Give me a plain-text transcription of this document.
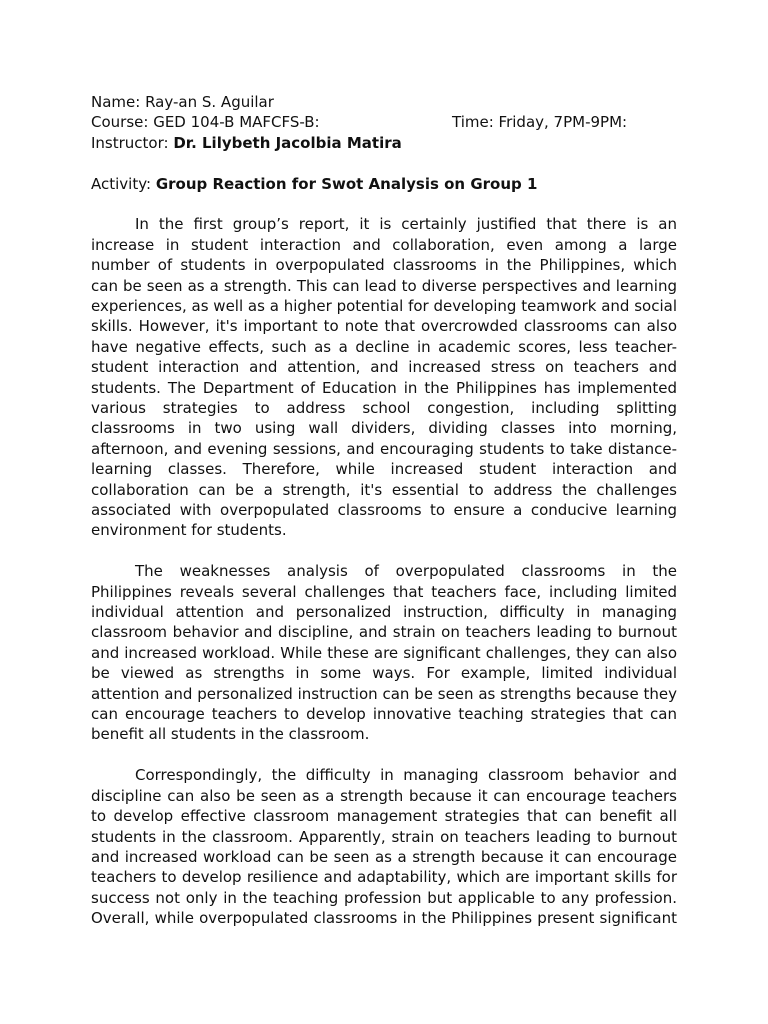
Name: Ray-an S. Aguilar
Course: GED 104-B MAFCFS-B:	Time: Friday, 7PM-9PM:
Instructor: Dr. Lilybeth Jacolbia Matira
Activity: Group Reaction for Swot Analysis on Group 1

In the first group’s report, it is certainly justified that there is an increase in student interaction and collaboration, even among a large number of students in overpopulated classrooms in the Philippines, which can be seen as a strength. This can lead to diverse perspectives and learning experiences, as well as a higher potential for developing teamwork and social skills. However, it's important to note that overcrowded classrooms can also have negative effects, such as a decline in academic scores, less teacher-student interaction and attention, and increased stress on teachers and students. The Department of Education in the Philippines has implemented various strategies to address school congestion, including splitting classrooms in two using wall dividers, dividing classes into morning, afternoon, and evening sessions, and encouraging students to take distance-learning classes. Therefore, while increased student interaction and collaboration can be a strength, it's essential to address the challenges associated with overpopulated classrooms to ensure a conducive learning environment for students.

The weaknesses analysis of overpopulated classrooms in the Philippines reveals several challenges that teachers face, including limited individual attention and personalized instruction, difficulty in managing classroom behavior and discipline, and strain on teachers leading to burnout and increased workload. While these are significant challenges, they can also be viewed as strengths in some ways. For example, limited individual attention and personalized instruction can be seen as strengths because they can encourage teachers to develop innovative teaching strategies that can benefit all students in the classroom.

Correspondingly, the difficulty in managing classroom behavior and discipline can also be seen as a strength because it can encourage teachers to develop effective classroom management strategies that can benefit all students in the classroom. Apparently, strain on teachers leading to burnout and increased workload can be seen as a strength because it can encourage teachers to develop resilience and adaptability, which are important skills for success not only in the teaching profession but applicable to any profession. Overall, while overpopulated classrooms in the Philippines present significant
